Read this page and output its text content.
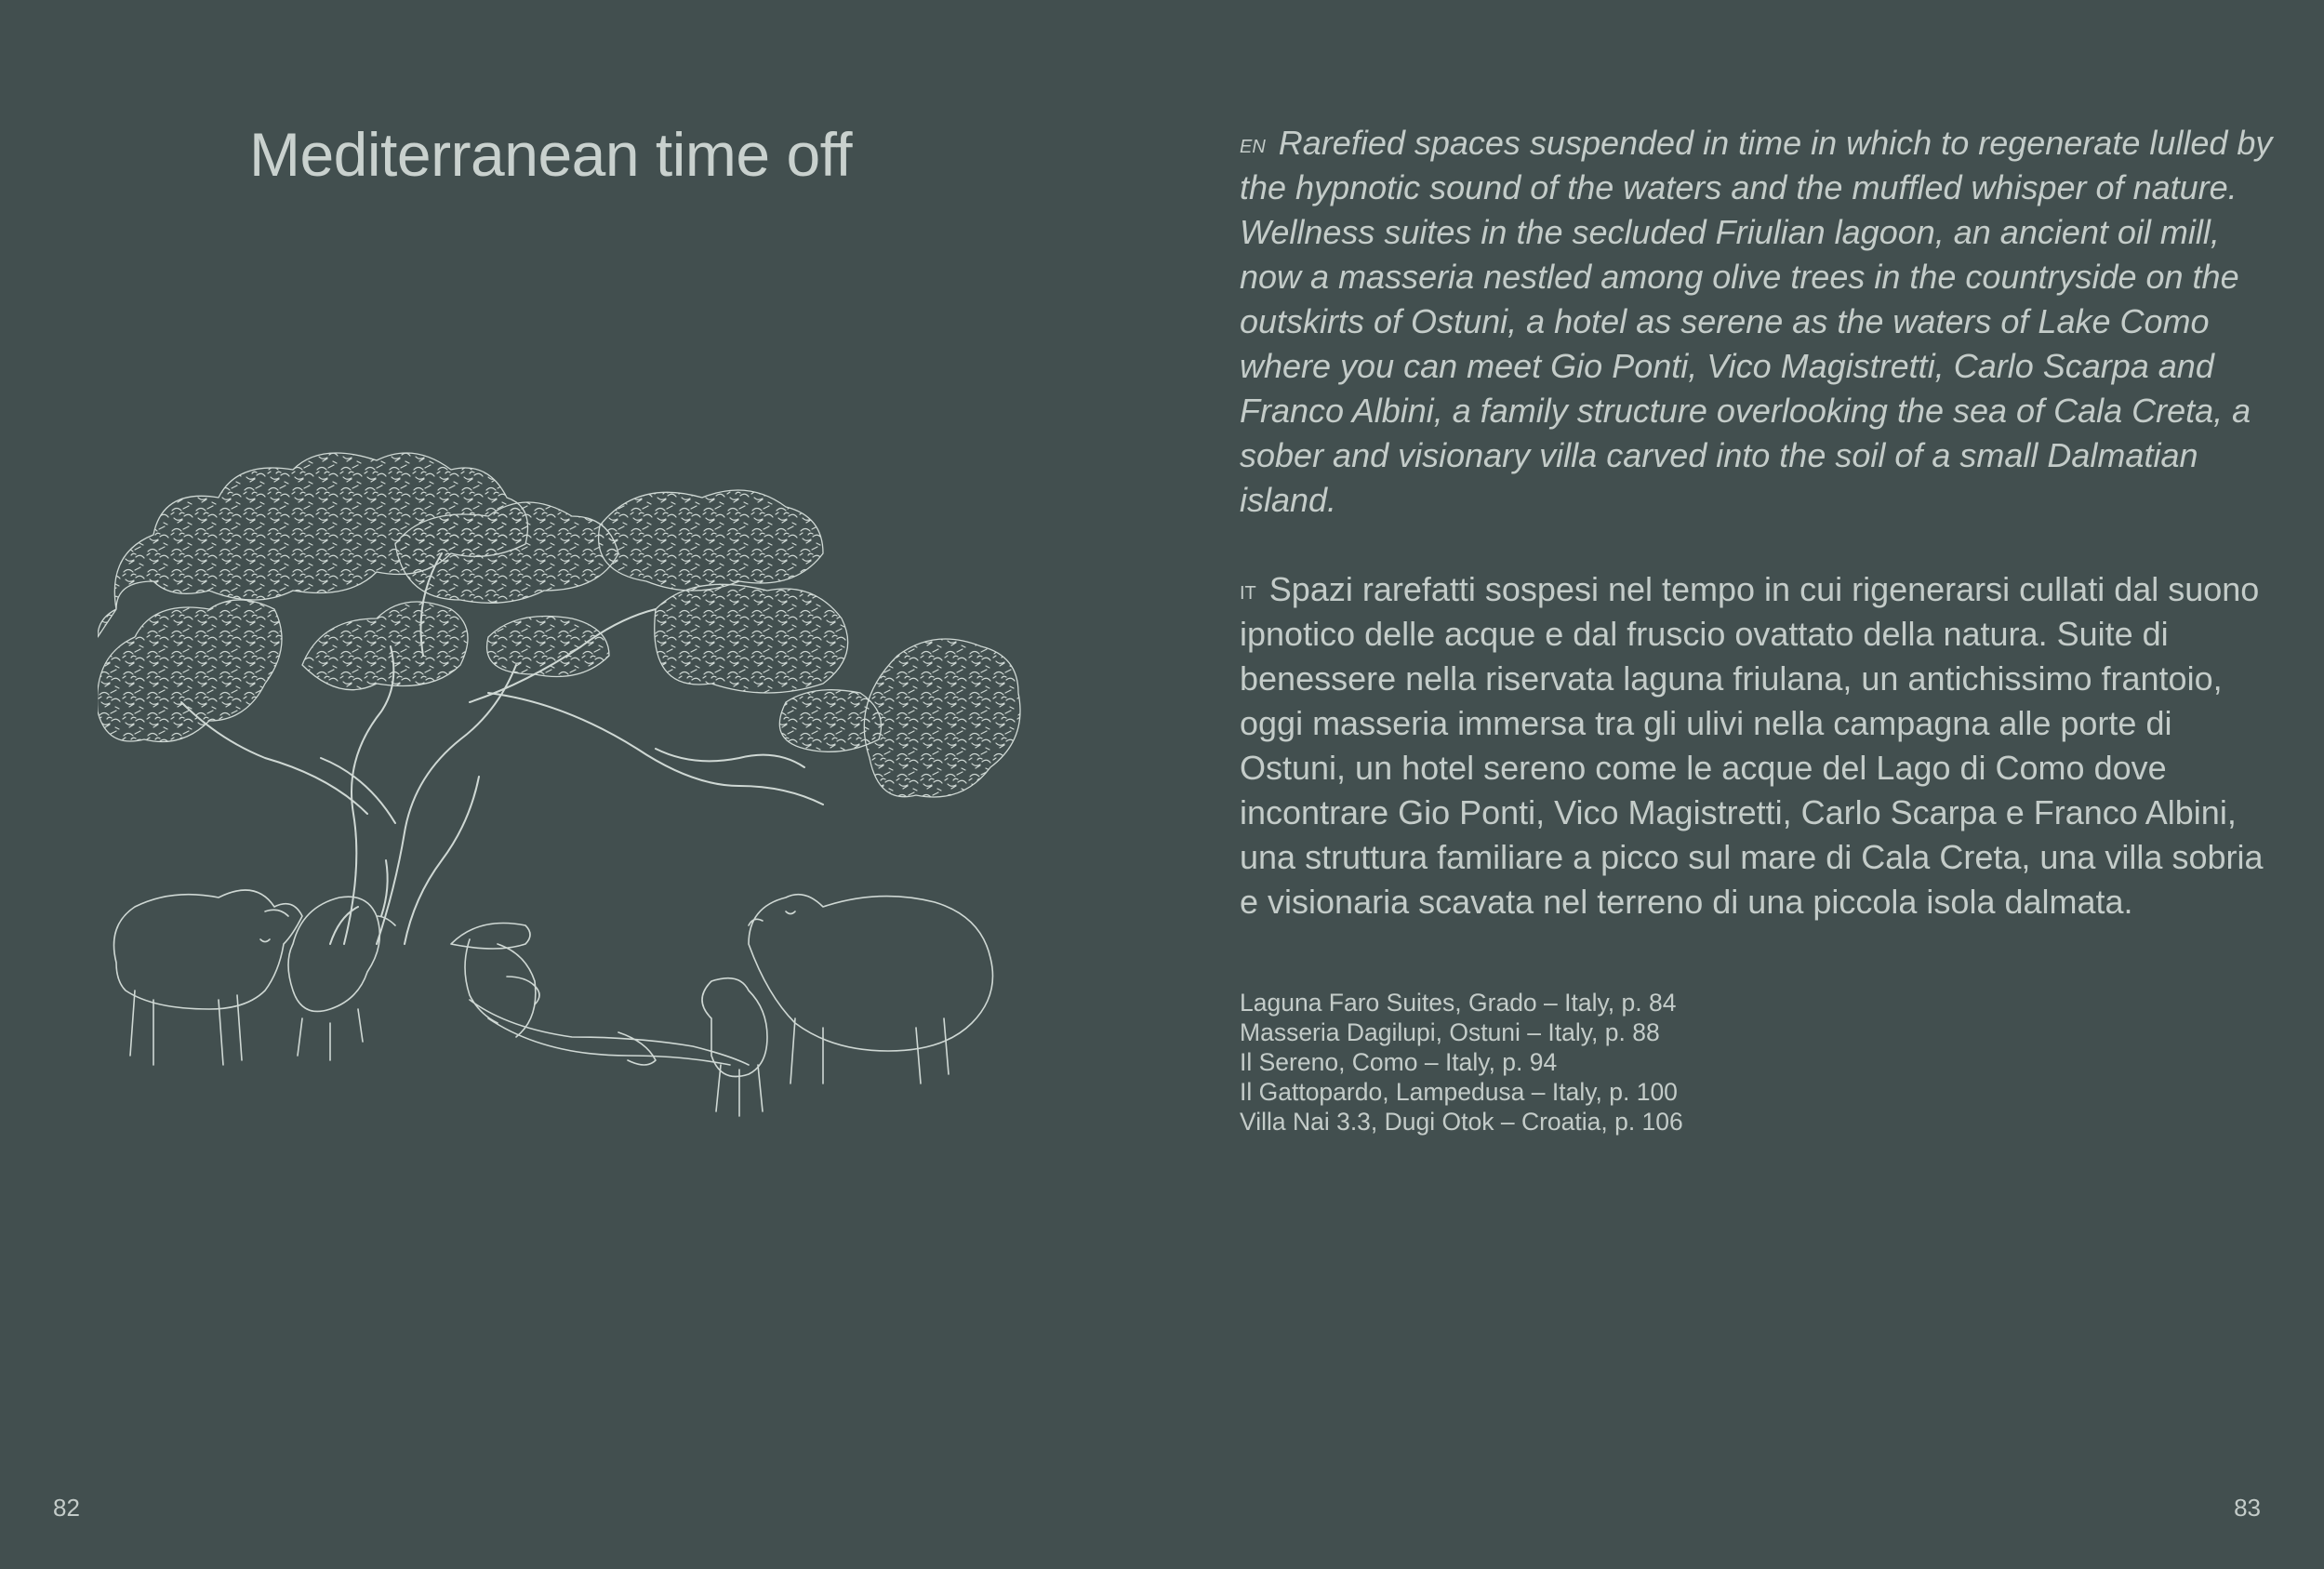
Mediterranean time off	$^{EN}$ Rarefied spaces suspended in time in which to regenerate lulled by the hypnotic sound of the waters and the muffled whisper of nature. Wellness suites in the secluded Friulian lagoon, an ancient oil mill, now a masseria nestled among olive trees in the countryside on the outskirts of Ostuni, a hotel as serene as the waters of Lake Como where you can meet Gio Ponti, Vico Magistretti, Carlo Scarpa and Franco Albini, a family structure overlooking the sea of Cala Creta, a sober and visionary villa carved into the soil of a small Dalmatian island.

$^{IT}$ Spazi rarefatti sospesi nel tempo in cui rigenerarsi cullati dal suono ipnotico delle acque e dal fruscio ovattato della natura. Suite di benessere nella riservata laguna friulana, un antichissimo frantoio, oggi masseria immersa tra gli ulivi nella campagna alle porte di Ostuni, un hotel sereno come le acque del Lago di Como dove incontrare Gio Ponti, Vico Magistretti, Carlo Scarpa e Franco Albini, una struttura familiare a picco sul mare di Cala Creta, una villa sobria e visionaria scavata nel terreno di una piccola isola dalmata.

Laguna Faro Suites, Grado – Italy, p. 84
Masseria Dagilupi, Ostuni – Italy, p. 88
Il Sereno, Como – Italy, p. 94
Il Gattopardo, Lampedusa – Italy, p. 100
Villa Nai 3.3, Dugi Otok – Croatia, p. 106
82	83
